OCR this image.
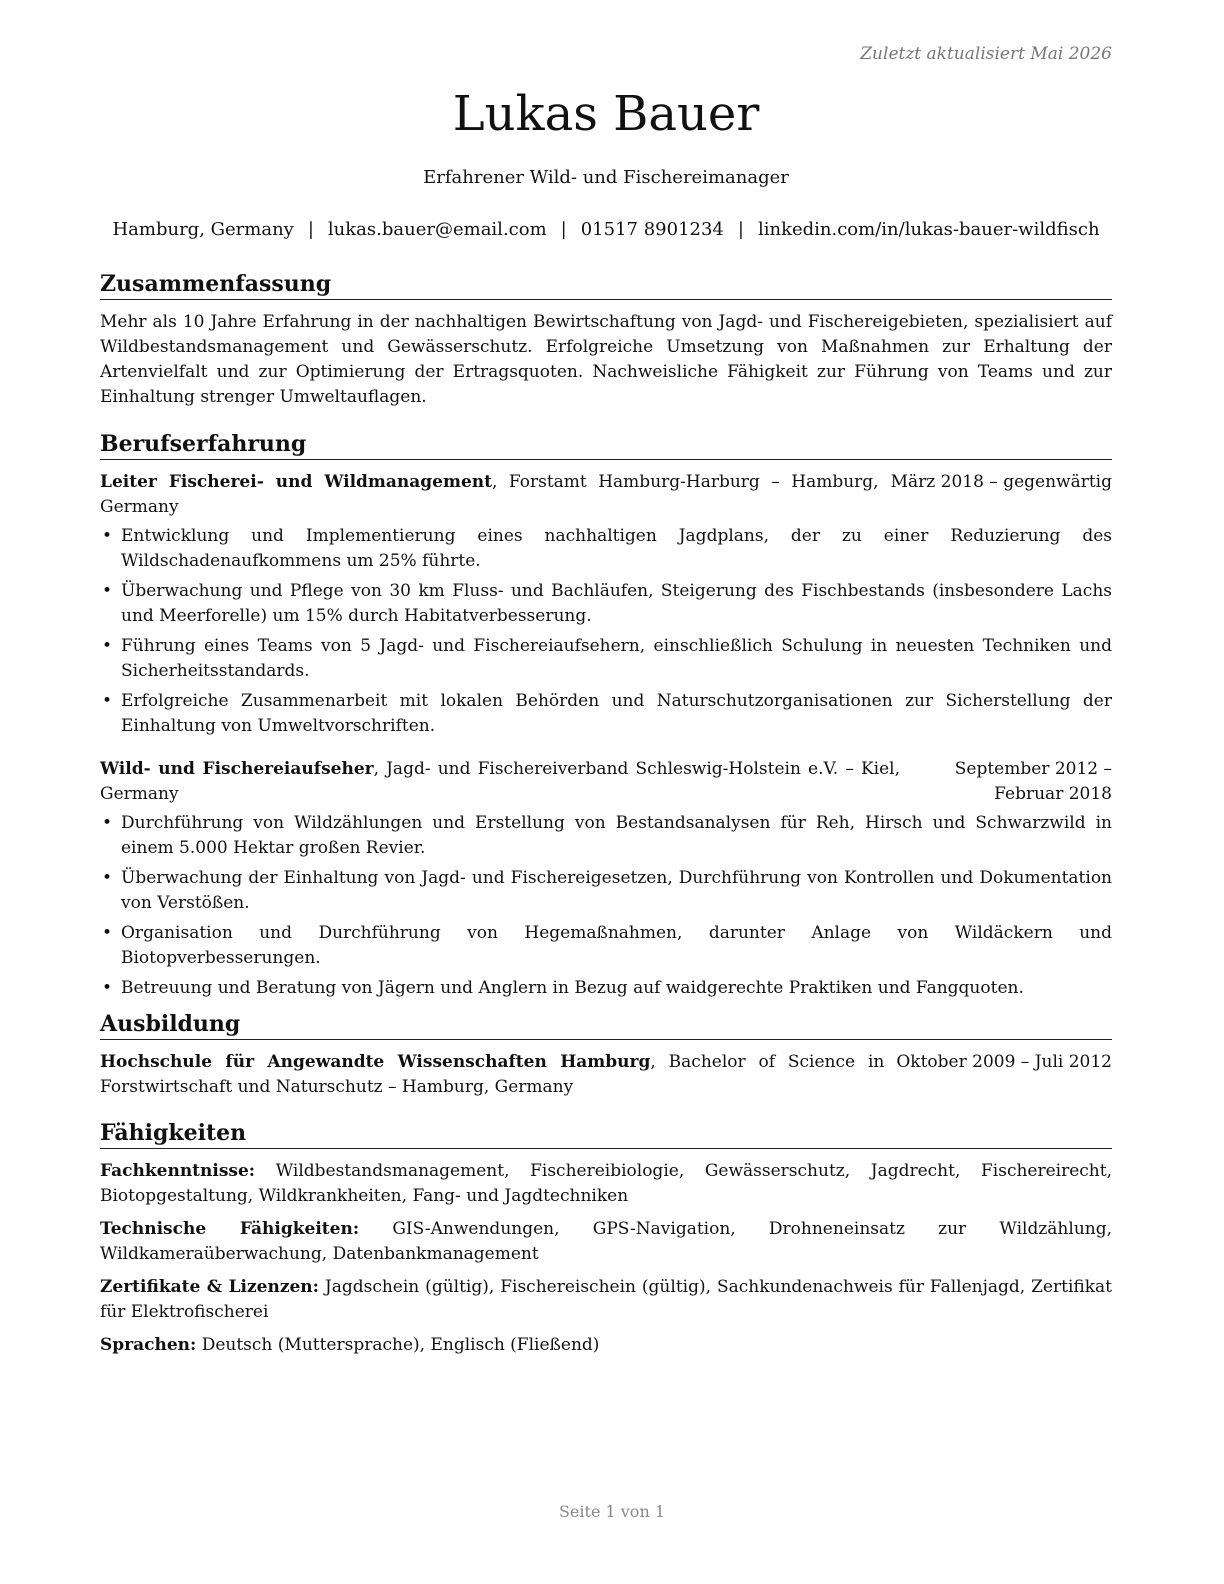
Zuletzt aktualisiert Mai 2026
Lukas Bauer
Erfahrener Wild- und Fischereimanager
Hamburg, Germany | lukas.bauer@email.com | 01517 8901234 | linkedin.com/in/lukas-bauer-wildfisch
Zusammenfassung

Mehr als 10 Jahre Erfahrung in der nachhaltigen Bewirtschaftung von Jagd- und Fischereigebieten, spezialisiert auf Wildbestandsmanagement und Gewässerschutz. Erfolgreiche Umsetzung von Maßnahmen zur Erhaltung der Artenvielfalt und zur Optimierung der Ertragsquoten. Nachweisliche Fähigkeit zur Führung von Teams und zur Einhaltung strenger Umweltauflagen.

Berufserfahrung
Leiter Fischerei- und Wildmanagement, Forstamt Hamburg-Harburg – Hamburg, Germany
März 2018 – gegenwärtig
• Entwicklung und Implementierung eines nachhaltigen Jagdplans, der zu einer Reduzierung des Wildschadenaufkommens um 25% führte.
• Überwachung und Pflege von 30 km Fluss- und Bachläufen, Steigerung des Fischbestands (insbesondere Lachs und Meerforelle) um 15% durch Habitatverbesserung.
• Führung eines Teams von 5 Jagd- und Fischereiaufsehern, einschließlich Schulung in neuesten Techniken und Sicherheitsstandards.
• Erfolgreiche Zusammenarbeit mit lokalen Behörden und Naturschutzorganisationen zur Sicherstellung der Einhaltung von Umweltvorschriften.
Wild- und Fischereiaufseher, Jagd- und Fischereiverband Schleswig-Holstein e.V. – Kiel, Germany
September 2012 – Februar 2018
• Durchführung von Wildzählungen und Erstellung von Bestandsanalysen für Reh, Hirsch und Schwarzwild in einem 5.000 Hektar großen Revier.
• Überwachung der Einhaltung von Jagd- und Fischereigesetzen, Durchführung von Kontrollen und Dokumentation von Verstößen.
• Organisation und Durchführung von Hegemaßnahmen, darunter Anlage von Wildäckern und Biotopverbesserungen.
• Betreuung und Beratung von Jägern und Anglern in Bezug auf waidgerechte Praktiken und Fangquoten.
Ausbildung
Hochschule für Angewandte Wissenschaften Hamburg, Bachelor of Science in Forstwirtschaft und Naturschutz – Hamburg, Germany
Oktober 2009 – Juli 2012
Fähigkeiten

Fachkenntnisse: Wildbestandsmanagement, Fischereibiologie, Gewässerschutz, Jagdrecht, Fischereirecht, Biotopgestaltung, Wildkrankheiten, Fang- und Jagdtechniken

Technische Fähigkeiten: GIS-Anwendungen, GPS-Navigation, Drohneneinsatz zur Wildzählung, Wildkameraüberwachung, Datenbankmanagement

Zertifikate & Lizenzen: Jagdschein (gültig), Fischereischein (gültig), Sachkundenachweis für Fallenjagd, Zertifikat für Elektrofischerei

Sprachen: Deutsch (Muttersprache), Englisch (Fließend)

Seite 1 von 1
